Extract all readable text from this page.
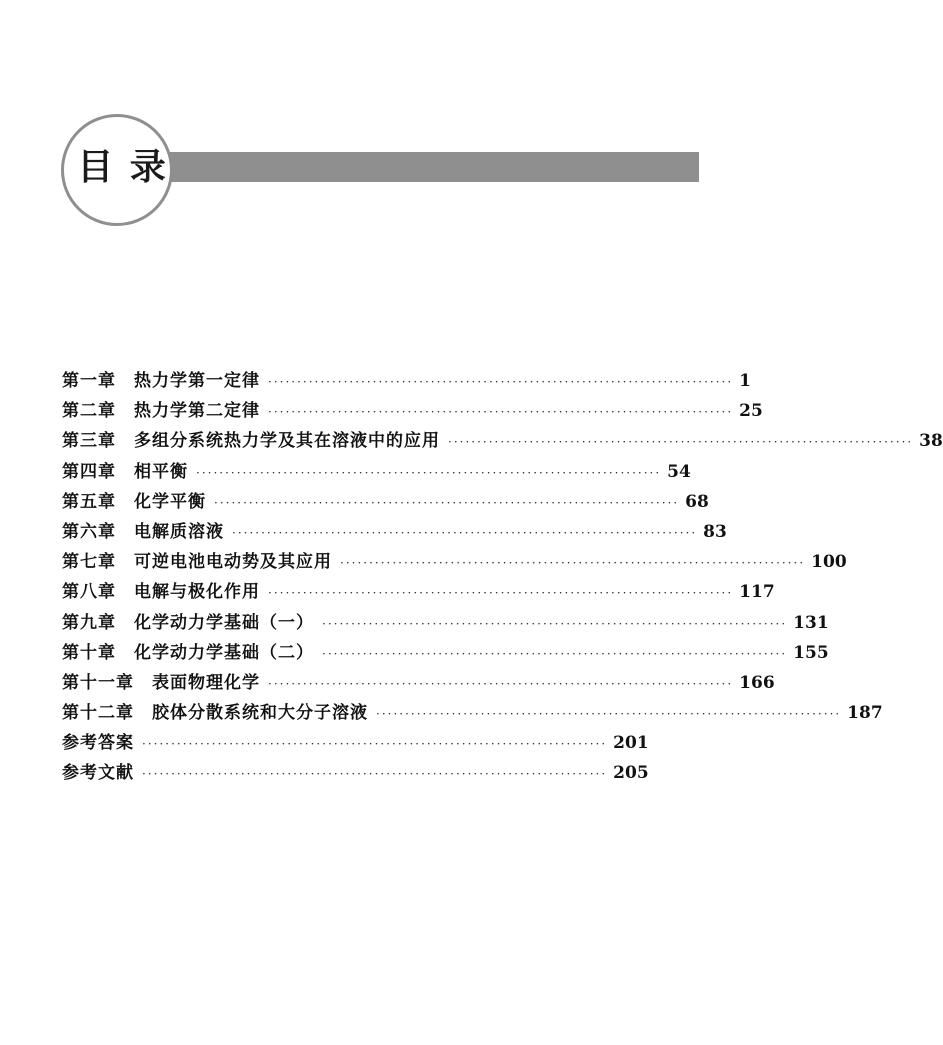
目 录
第一章 热力学第一定律 ················································································ 1
第二章 热力学第二定律 ················································································ 25
第三章 多组分系统热力学及其在溶液中的应用 ················································································ 38
第四章 相平衡 ················································································ 54
第五章 化学平衡 ················································································ 68
第六章 电解质溶液 ················································································ 83
第七章 可逆电池电动势及其应用 ················································································ 100
第八章 电解与极化作用 ················································································ 117
第九章 化学动力学基础（一） ················································································ 131
第十章 化学动力学基础（二） ················································································ 155
第十一章 表面物理化学 ················································································ 166
第十二章 胶体分散系统和大分子溶液 ················································································ 187
参考答案 ················································································ 201
参考文献 ················································································ 205
